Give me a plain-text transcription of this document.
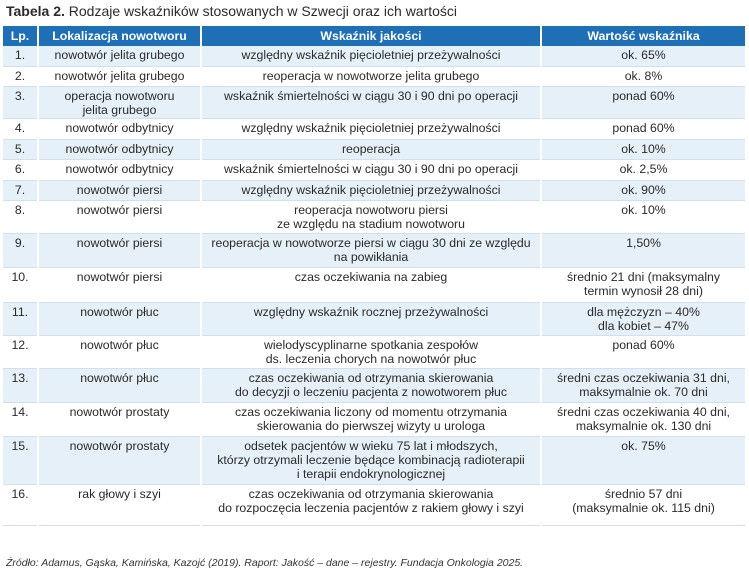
Tabela 2. Rodzaje wskaźników stosowanych w Szwecji oraz ich wartości
Lp.	Lokalizacja nowotworu	Wskaźnik jakości	Wartość wskaźnika
1.	nowotwór jelita grubego	względny wskaźnik pięcioletniej przeżywalności	ok. 65%
2.	nowotwór jelita grubego	reoperacja w nowotworze jelita grubego	ok. 8%
3.	operacja nowotworu
jelita grubego	wskaźnik śmiertelności w ciągu 30 i 90 dni po operacji	ponad 60%
4.	nowotwór odbytnicy	względny wskaźnik pięcioletniej przeżywalności	ponad 60%
5.	nowotwór odbytnicy	reoperacja	ok. 10%
6.	nowotwór odbytnicy	wskaźnik śmiertelności w ciągu 30 i 90 dni po operacji	ok. 2,5%
7.	nowotwór piersi	względny wskaźnik pięcioletniej przeżywalności	ok. 90%
8.	nowotwór piersi	reoperacja nowotworu piersi
ze względu na stadium nowotworu	ok. 10%
9.	nowotwór piersi	reoperacja w nowotworze piersi w ciągu 30 dni ze względu
na powikłania	1,50%
10.	nowotwór piersi	czas oczekiwania na zabieg	średnio 21 dni (maksymalny
termin wynosił 28 dni)
11.	nowotwór płuc	względny wskaźnik rocznej przeżywalności	dla mężczyzn – 40%
dla kobiet – 47%
12.	nowotwór płuc	wielodyscyplinarne spotkania zespołów
ds. leczenia chorych na nowotwór płuc	ponad 60%
13.	nowotwór płuc	czas oczekiwania od otrzymania skierowania
do decyzji o leczeniu pacjenta z nowotworem płuc	średni czas oczekiwania 31 dni,
maksymalnie ok. 70 dni
14.	nowotwór prostaty	czas oczekiwania liczony od momentu otrzymania
skierowania do pierwszej wizyty u urologa	średni czas oczekiwania 40 dni,
maksymalnie ok. 130 dni
15.	nowotwór prostaty	odsetek pacjentów w wieku 75 lat i młodszych,
którzy otrzymali leczenie będące kombinacją radioterapii
i terapii endokrynologicznej	ok. 75%
16.	rak głowy i szyi	czas oczekiwania od otrzymania skierowania
do rozpoczęcia leczenia pacjentów z rakiem głowy i szyi	średnio 57 dni
(maksymalnie ok. 115 dni)
Źródło: Adamus, Gąska, Kamińska, Kazojć (2019). Raport: Jakość – dane – rejestry. Fundacja Onkologia 2025.
